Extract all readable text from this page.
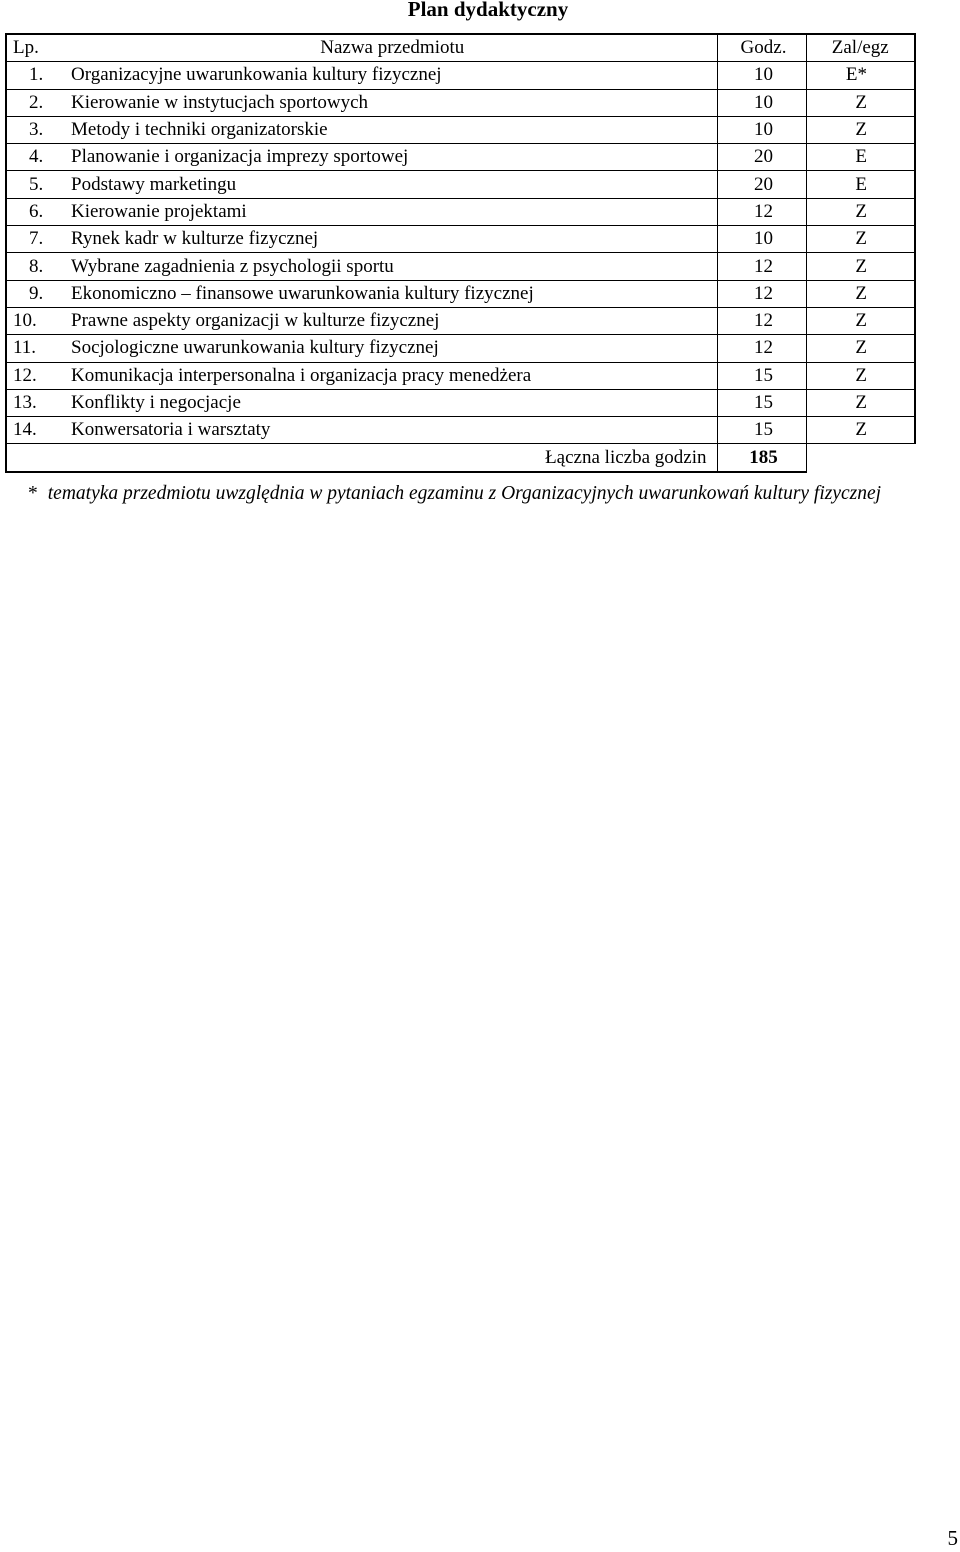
Plan dydaktyczny
Lp.	Nazwa przedmiotu	Godz.	Zal/egz
1.	Organizacyjne uwarunkowania kultury fizycznej	10	E*
2.	Kierowanie w instytucjach sportowych	10	Z
3.	Metody i techniki organizatorskie	10	Z
4.	Planowanie i organizacja imprezy sportowej	20	E
5.	Podstawy marketingu	20	E
6.	Kierowanie projektami	12	Z
7.	Rynek kadr w kulturze fizycznej	10	Z
8.	Wybrane zagadnienia z psychologii sportu	12	Z
9.	Ekonomiczno – finansowe uwarunkowania kultury fizycznej	12	Z
10.	Prawne aspekty organizacji w kulturze fizycznej	12	Z
11.	Socjologiczne uwarunkowania kultury fizycznej	12	Z
12.	Komunikacja interpersonalna i organizacja pracy menedżera	15	Z
13.	Konflikty i negocjacje	15	Z
14.	Konwersatoria i warsztaty	15	Z
Łączna liczba godzin		185	
* tematyka przedmiotu uwzględnia w pytaniach egzaminu z Organizacyjnych uwarunkowań kultury fizycznej
5
